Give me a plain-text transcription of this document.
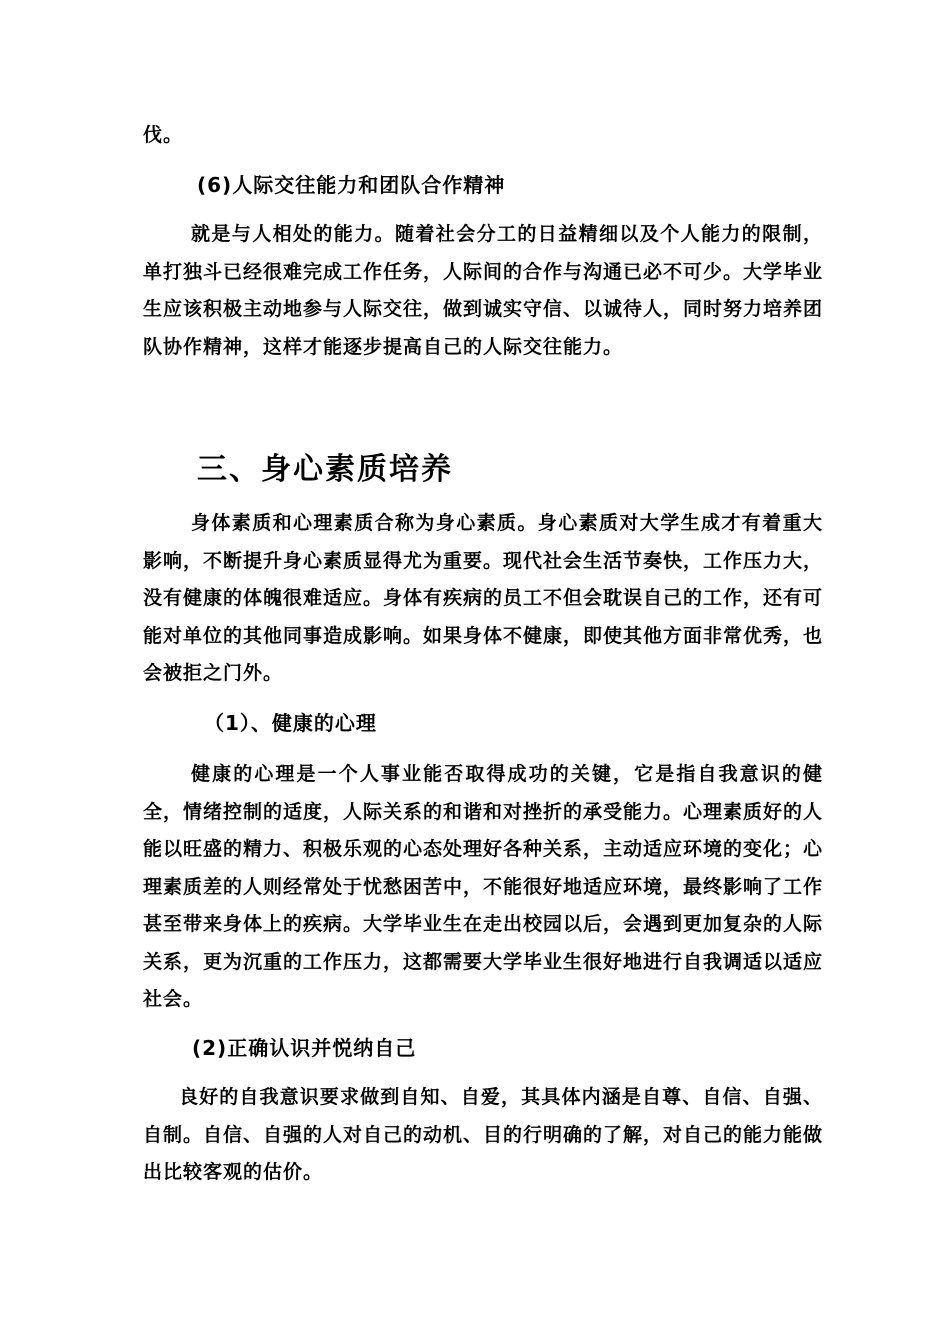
伐。

(6)人际交往能力和团队合作精神

就是与人相处的能力。随着社会分工的日益精细以及个人能力的限制，单打独斗已经很难完成工作任务，人际间的合作与沟通已必不可少。大学毕业生应该积极主动地参与人际交往，做到诚实守信、以诚待人，同时努力培养团队协作精神，这样才能逐步提高自己的人际交往能力。

三、身心素质培养

身体素质和心理素质合称为身心素质。身心素质对大学生成才有着重大影响，不断提升身心素质显得尤为重要。现代社会生活节奏快，工作压力大，没有健康的体魄很难适应。身体有疾病的员工不但会耽误自己的工作，还有可能对单位的其他同事造成影响。如果身体不健康，即使其他方面非常优秀，也会被拒之门外。

（1）、健康的心理

健康的心理是一个人事业能否取得成功的关键，它是指自我意识的健全，情绪控制的适度，人际关系的和谐和对挫折的承受能力。心理素质好的人能以旺盛的精力、积极乐观的心态处理好各种关系，主动适应环境的变化；心理素质差的人则经常处于忧愁困苦中，不能很好地适应环境，最终影响了工作甚至带来身体上的疾病。大学毕业生在走出校园以后，会遇到更加复杂的人际关系，更为沉重的工作压力，这都需要大学毕业生很好地进行自我调适以适应社会。

(2)正确认识并悦纳自己

良好的自我意识要求做到自知、自爱，其具体内涵是自尊、自信、自强、自制。自信、自强的人对自己的动机、目的行明确的了解，对自己的能力能做出比较客观的估价。
